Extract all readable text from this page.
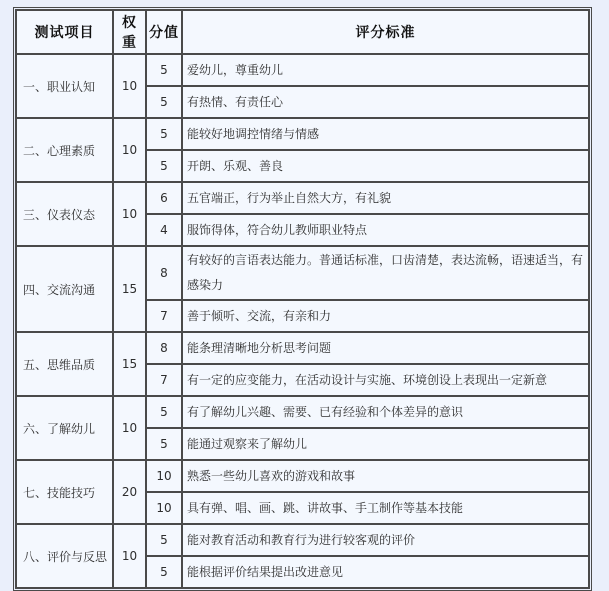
测试项目	权重	分值	评分标准
一、职业认知	10	5	爱幼儿，尊重幼儿
		5	有热情、有责任心
二、心理素质	10	5	能较好地调控情绪与情感
		5	开朗、乐观、善良
三、仪表仪态	10	6	五官端正，行为举止自然大方，有礼貌
		4	服饰得体，符合幼儿教师职业特点
四、交流沟通	15	8	有较好的言语表达能力。普通话标准，口齿清楚，表达流畅，语速适当，有感染力
		7	善于倾听、交流，有亲和力
五、思维品质	15	8	能条理清晰地分析思考问题
		7	有一定的应变能力，在活动设计与实施、环境创设上表现出一定新意
六、了解幼儿	10	5	有了解幼儿兴趣、需要、已有经验和个体差异的意识
		5	能通过观察来了解幼儿
七、技能技巧	20	10	熟悉一些幼儿喜欢的游戏和故事
		10	具有弹、唱、画、跳、讲故事、手工制作等基本技能
八、评价与反思	10	5	能对教育活动和教育行为进行较客观的评价
		5	能根据评价结果提出改进意见
